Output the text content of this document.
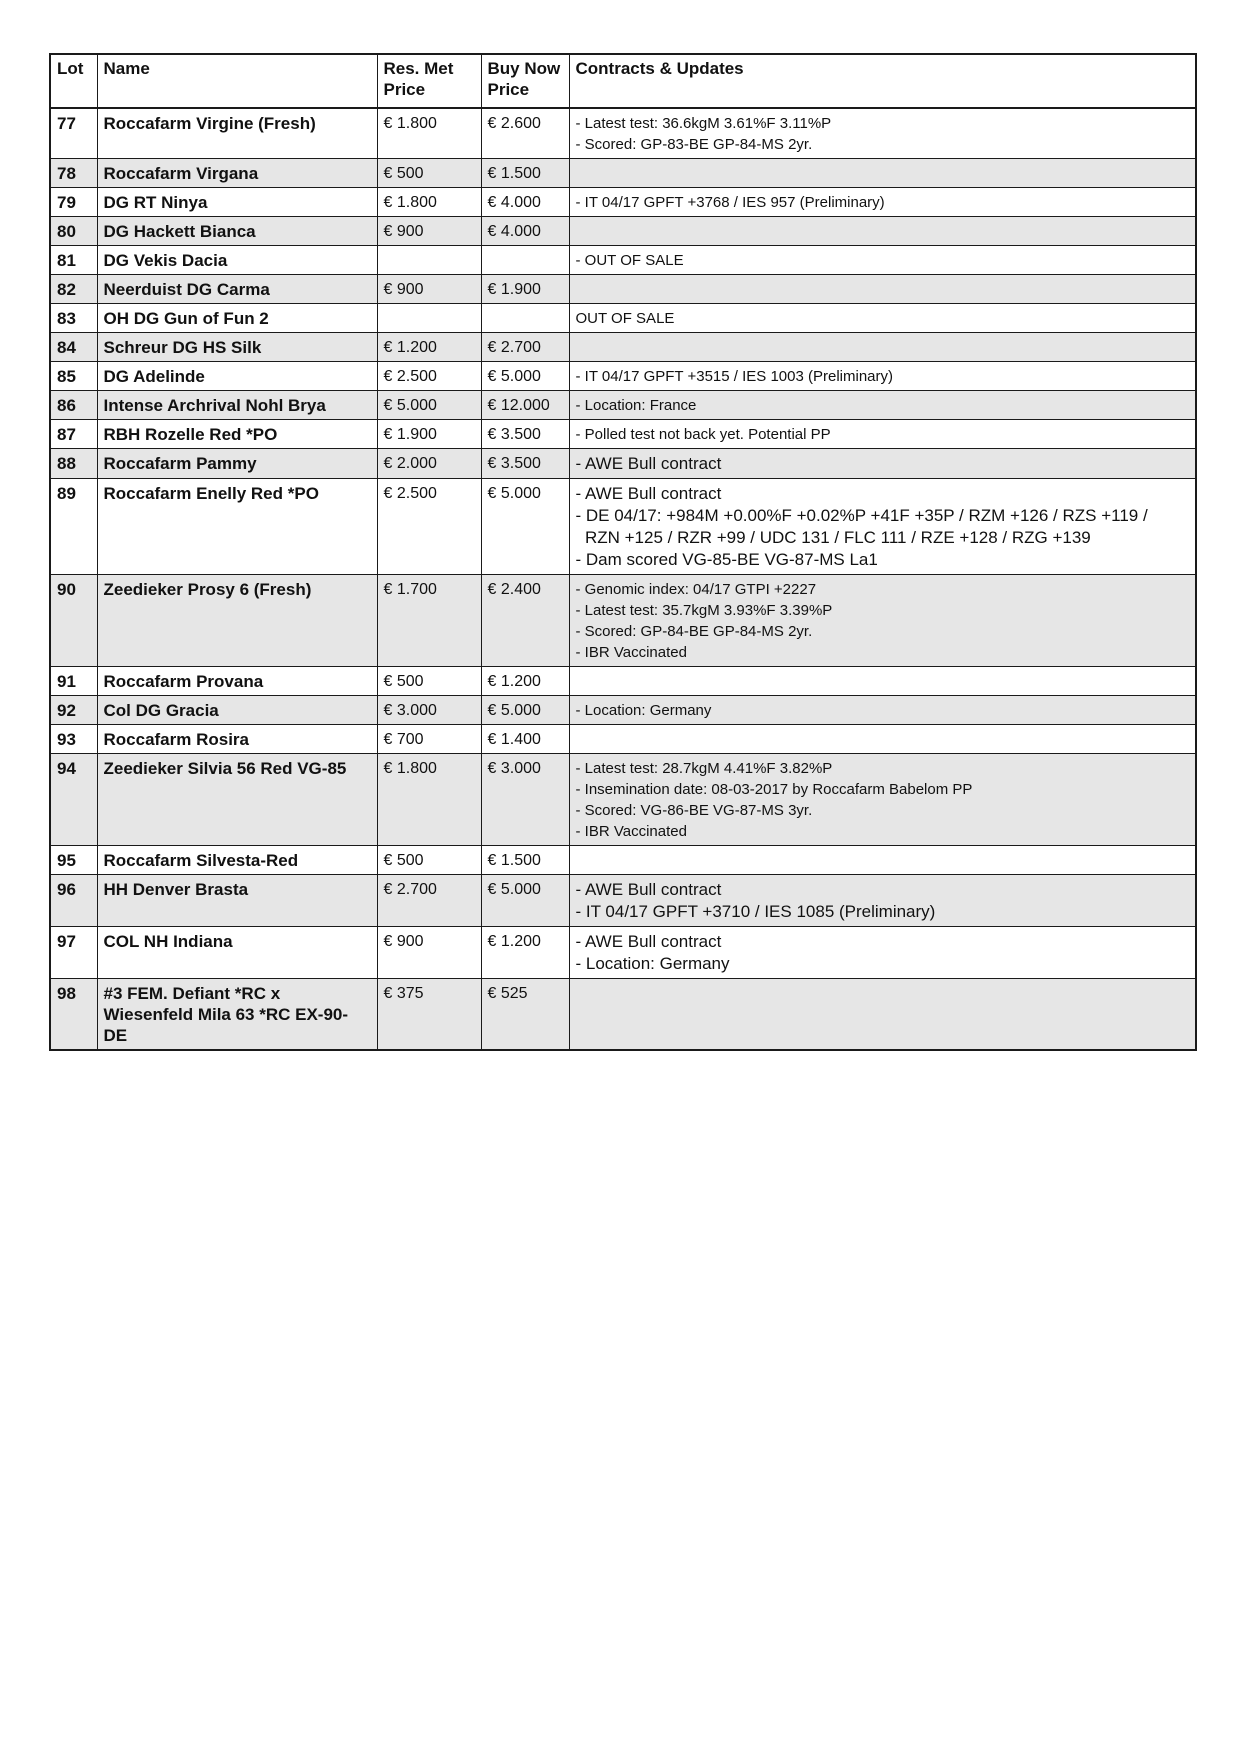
Lot	Name	Res. Met Price	Buy Now Price	Contracts & Updates
77	Roccafarm Virgine (Fresh)	€ 1.800	€ 2.600	- Latest test: 36.6kgM 3.61%F 3.11%P
- Scored: GP-83-BE GP-84-MS 2yr.

78	Roccafarm Virgana	€ 500	€ 1.500	
79	DG RT Ninya	€ 1.800	€ 4.000	- IT 04/17 GPFT +3768 / IES 957 (Preliminary)

80	DG Hackett Bianca	€ 900	€ 4.000	
81	DG Vekis Dacia			- OUT OF SALE

82	Neerduist DG Carma	€ 900	€ 1.900	
83	OH DG Gun of Fun 2			OUT OF SALE

84	Schreur DG HS Silk	€ 1.200	€ 2.700	
85	DG Adelinde	€ 2.500	€ 5.000	- IT 04/17 GPFT +3515 / IES 1003 (Preliminary)

86	Intense Archrival Nohl Brya	€ 5.000	€ 12.000	- Location: France

87	RBH Rozelle Red *PO	€ 1.900	€ 3.500	- Polled test not back yet. Potential PP

88	Roccafarm Pammy	€ 2.000	€ 3.500	- AWE Bull contract

89	Roccafarm Enelly Red *PO	€ 2.500	€ 5.000	- AWE Bull contract
- DE 04/17: +984M +0.00%F +0.02%P +41F +35P / RZM +126 / RZS +119 /
RZN +125 / RZR +99 / UDC 131 / FLC 111 / RZE +128 / RZG +139
- Dam scored VG-85-BE VG-87-MS La1

90	Zeedieker Prosy 6 (Fresh)	€ 1.700	€ 2.400	- Genomic index: 04/17 GTPI +2227
- Latest test: 35.7kgM 3.93%F 3.39%P
- Scored: GP-84-BE GP-84-MS 2yr.
- IBR Vaccinated

91	Roccafarm Provana	€ 500	€ 1.200	
92	Col DG Gracia	€ 3.000	€ 5.000	- Location: Germany

93	Roccafarm Rosira	€ 700	€ 1.400	
94	Zeedieker Silvia 56 Red VG-85	€ 1.800	€ 3.000	- Latest test: 28.7kgM 4.41%F 3.82%P
- Insemination date: 08-03-2017 by Roccafarm Babelom PP
- Scored: VG-86-BE VG-87-MS 3yr.
- IBR Vaccinated

95	Roccafarm Silvesta-Red	€ 500	€ 1.500	
96	HH Denver Brasta	€ 2.700	€ 5.000	- AWE Bull contract
- IT 04/17 GPFT +3710 / IES 1085 (Preliminary)

97	COL NH Indiana	€ 900	€ 1.200	- AWE Bull contract
- Location: Germany

98	#3 FEM. Defiant *RC x Wiesenfeld Mila 63 *RC EX-90-DE	€ 375	€ 525	
